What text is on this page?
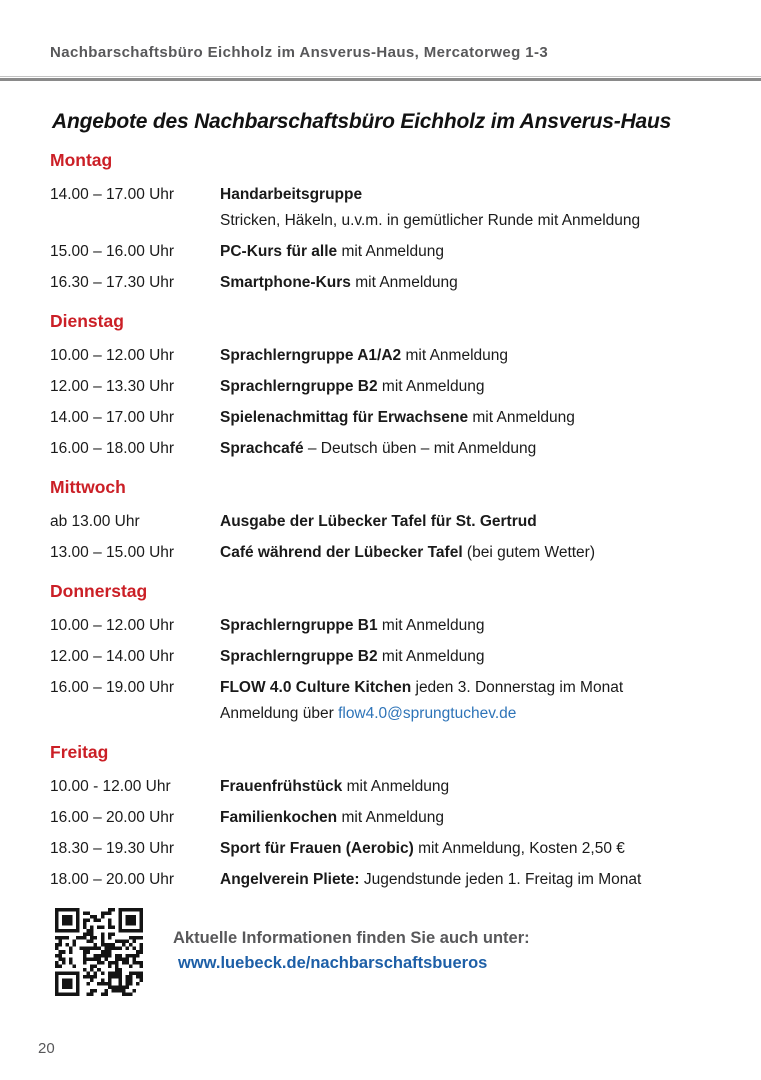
Nachbarschaftsbüro Eichholz im Ansverus-Haus, Mercatorweg 1-3
Angebote des Nachbarschaftsbüro Eichholz im Ansverus-Haus
Montag
14.00 – 17.00 Uhr	Handarbeitsgruppe
Stricken, Häkeln, u.v.m. in gemütlicher Runde mit Anmeldung
15.00 – 16.00 Uhr	PC-Kurs für alle mit Anmeldung
16.30 – 17.30 Uhr	Smartphone-Kurs mit Anmeldung
Dienstag
10.00 – 12.00 Uhr	Sprachlerngruppe A1/A2 mit Anmeldung
12.00 – 13.30 Uhr	Sprachlerngruppe B2 mit Anmeldung
14.00 – 17.00 Uhr	Spielenachmittag für Erwachsene mit Anmeldung
16.00 – 18.00 Uhr	Sprachcafé – Deutsch üben – mit Anmeldung
Mittwoch
ab 13.00 Uhr	Ausgabe der Lübecker Tafel für St. Gertrud
13.00 – 15.00 Uhr	Café während der Lübecker Tafel (bei gutem Wetter)
Donnerstag
10.00 – 12.00 Uhr	Sprachlerngruppe B1 mit Anmeldung
12.00 – 14.00 Uhr	Sprachlerngruppe B2 mit Anmeldung
16.00 – 19.00 Uhr	FLOW 4.0 Culture Kitchen jeden 3. Donnerstag im Monat
Anmeldung über flow4.0@sprungtuchev.de
Freitag
10.00 - 12.00 Uhr	Frauenfrühstück mit Anmeldung
16.00 – 20.00 Uhr	Familienkochen mit Anmeldung
18.30 – 19.30 Uhr	Sport für Frauen (Aerobic) mit Anmeldung, Kosten 2,50 €
18.00 – 20.00 Uhr	Angelverein Pliete: Jugendstunde jeden 1. Freitag im Monat
Aktuelle Informationen finden Sie auch unter:
www.luebeck.de/nachbarschaftsbueros
20
